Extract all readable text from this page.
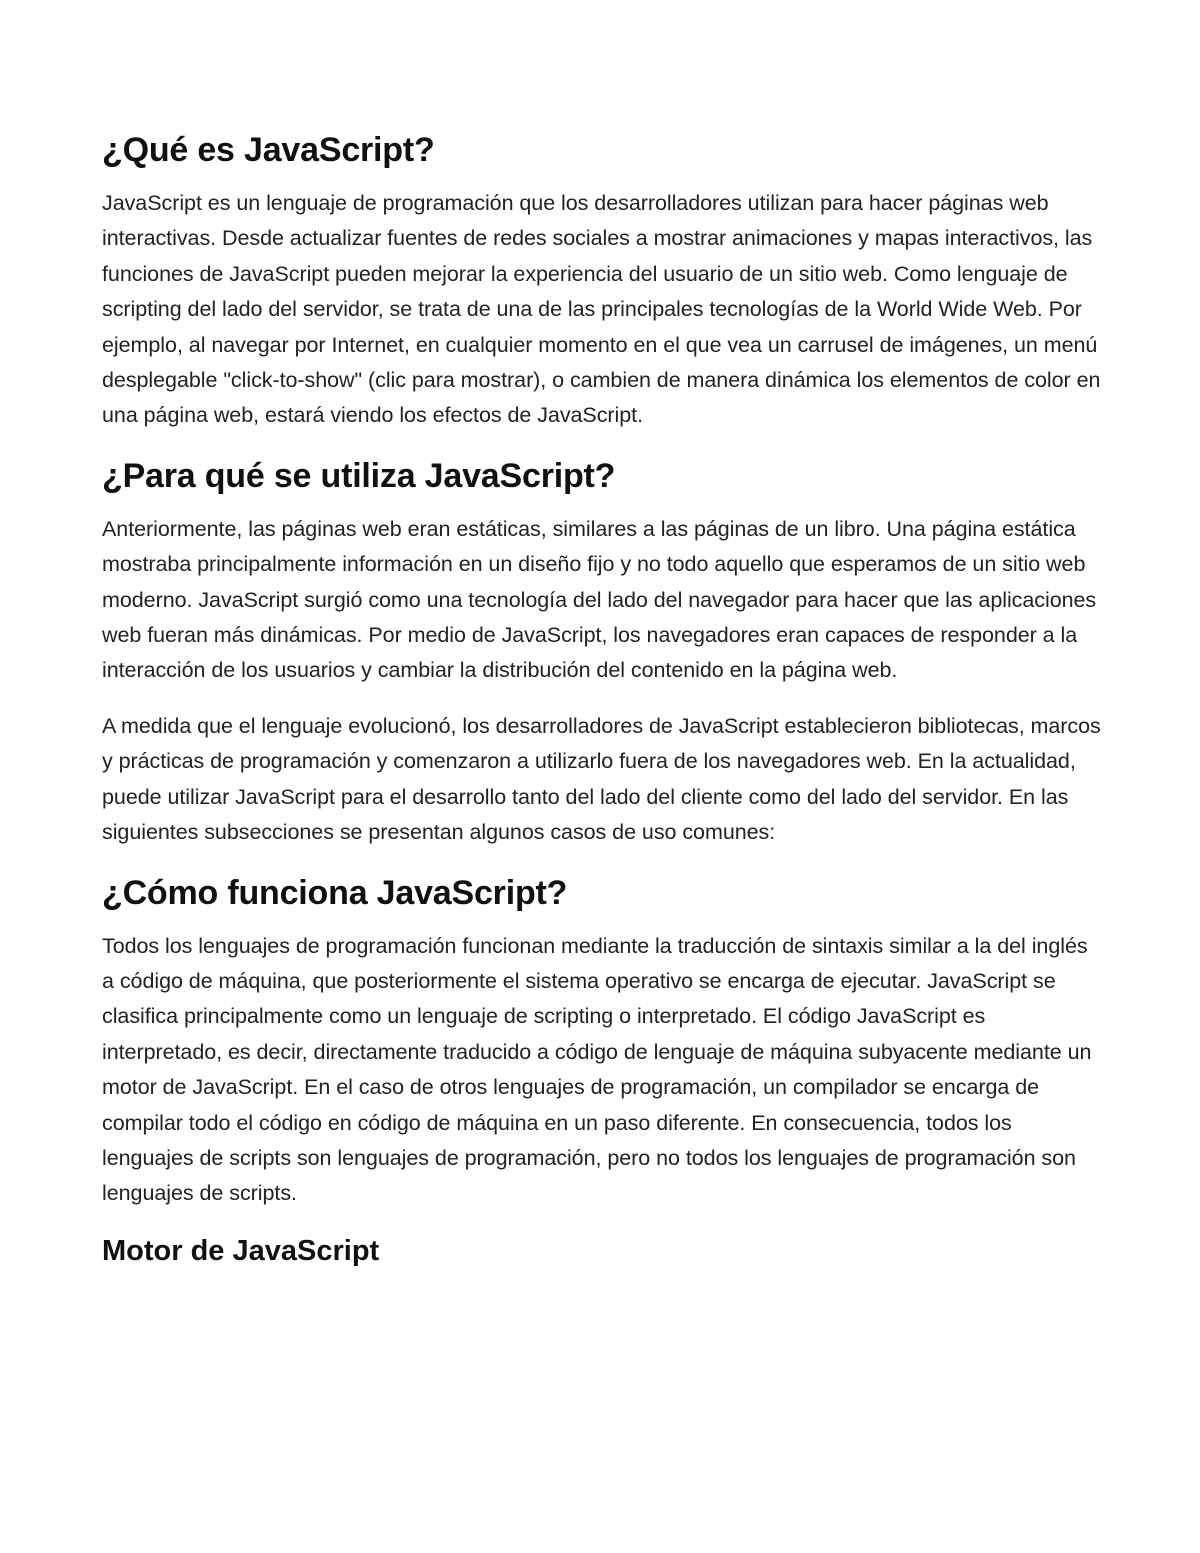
¿Qué es JavaScript?

JavaScript es un lenguaje de programación que los desarrolladores utilizan para hacer páginas web interactivas. Desde actualizar fuentes de redes sociales a mostrar animaciones y mapas interactivos, las funciones de JavaScript pueden mejorar la experiencia del usuario de un sitio web. Como lenguaje de scripting del lado del servidor, se trata de una de las principales tecnologías de la World Wide Web. Por ejemplo, al navegar por Internet, en cualquier momento en el que vea un carrusel de imágenes, un menú desplegable "click-to-show" (clic para mostrar), o cambien de manera dinámica los elementos de color en una página web, estará viendo los efectos de JavaScript.

¿Para qué se utiliza JavaScript?

Anteriormente, las páginas web eran estáticas, similares a las páginas de un libro. Una página estática mostraba principalmente información en un diseño fijo y no todo aquello que esperamos de un sitio web moderno. JavaScript surgió como una tecnología del lado del navegador para hacer que las aplicaciones web fueran más dinámicas. Por medio de JavaScript, los navegadores eran capaces de responder a la interacción de los usuarios y cambiar la distribución del contenido en la página web.

A medida que el lenguaje evolucionó, los desarrolladores de JavaScript establecieron bibliotecas, marcos y prácticas de programación y comenzaron a utilizarlo fuera de los navegadores web. En la actualidad, puede utilizar JavaScript para el desarrollo tanto del lado del cliente como del lado del servidor. En las siguientes subsecciones se presentan algunos casos de uso comunes:

¿Cómo funciona JavaScript?

Todos los lenguajes de programación funcionan mediante la traducción de sintaxis similar a la del inglés a código de máquina, que posteriormente el sistema operativo se encarga de ejecutar. JavaScript se clasifica principalmente como un lenguaje de scripting o interpretado. El código JavaScript es interpretado, es decir, directamente traducido a código de lenguaje de máquina subyacente mediante un motor de JavaScript. En el caso de otros lenguajes de programación, un compilador se encarga de compilar todo el código en código de máquina en un paso diferente. En consecuencia, todos los lenguajes de scripts son lenguajes de programación, pero no todos los lenguajes de programación son lenguajes de scripts.

Motor de JavaScript
